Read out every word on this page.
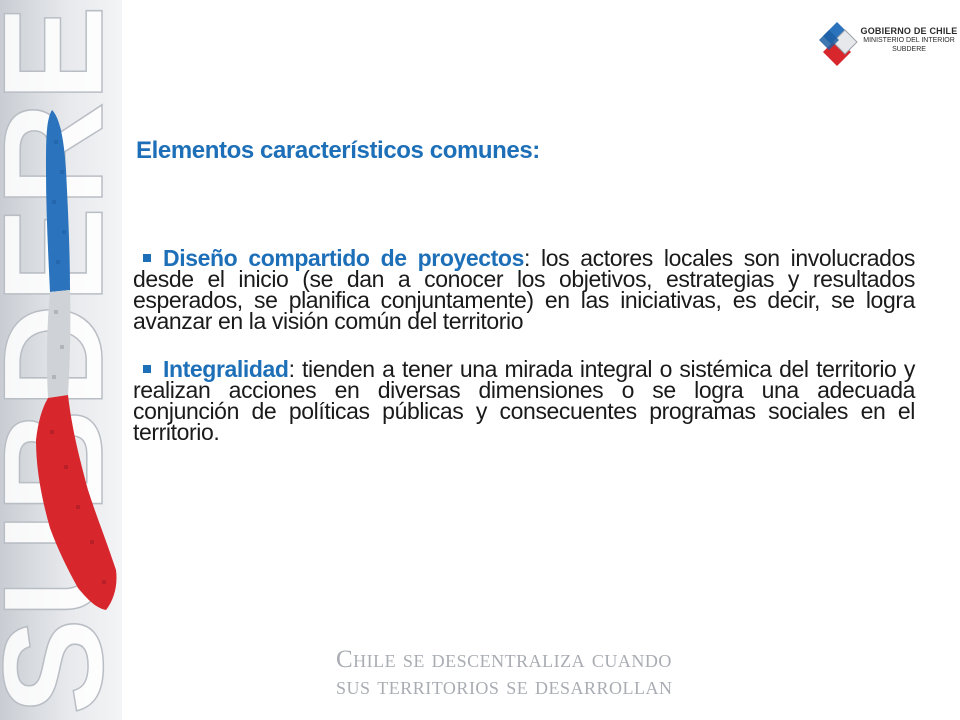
GOBIERNO DE CHILE
MINISTERIO DEL INTERIOR
SUBDERE
Elementos característicos comunes:

Diseño compartido de proyectos: los actores locales son involucrados desde el inicio (se dan a conocer los objetivos, estrategias y resultados esperados, se planifica conjuntamente) en las iniciativas, es decir, se logra avanzar en la visión común del territorio

Integralidad: tienden a tener una mirada integral o sistémica del territorio y realizan acciones en diversas dimensiones o se logra una adecuada conjunción de políticas públicas y consecuentes programas sociales en el territorio.

Chile se descentraliza cuando
sus territorios se desarrollan
